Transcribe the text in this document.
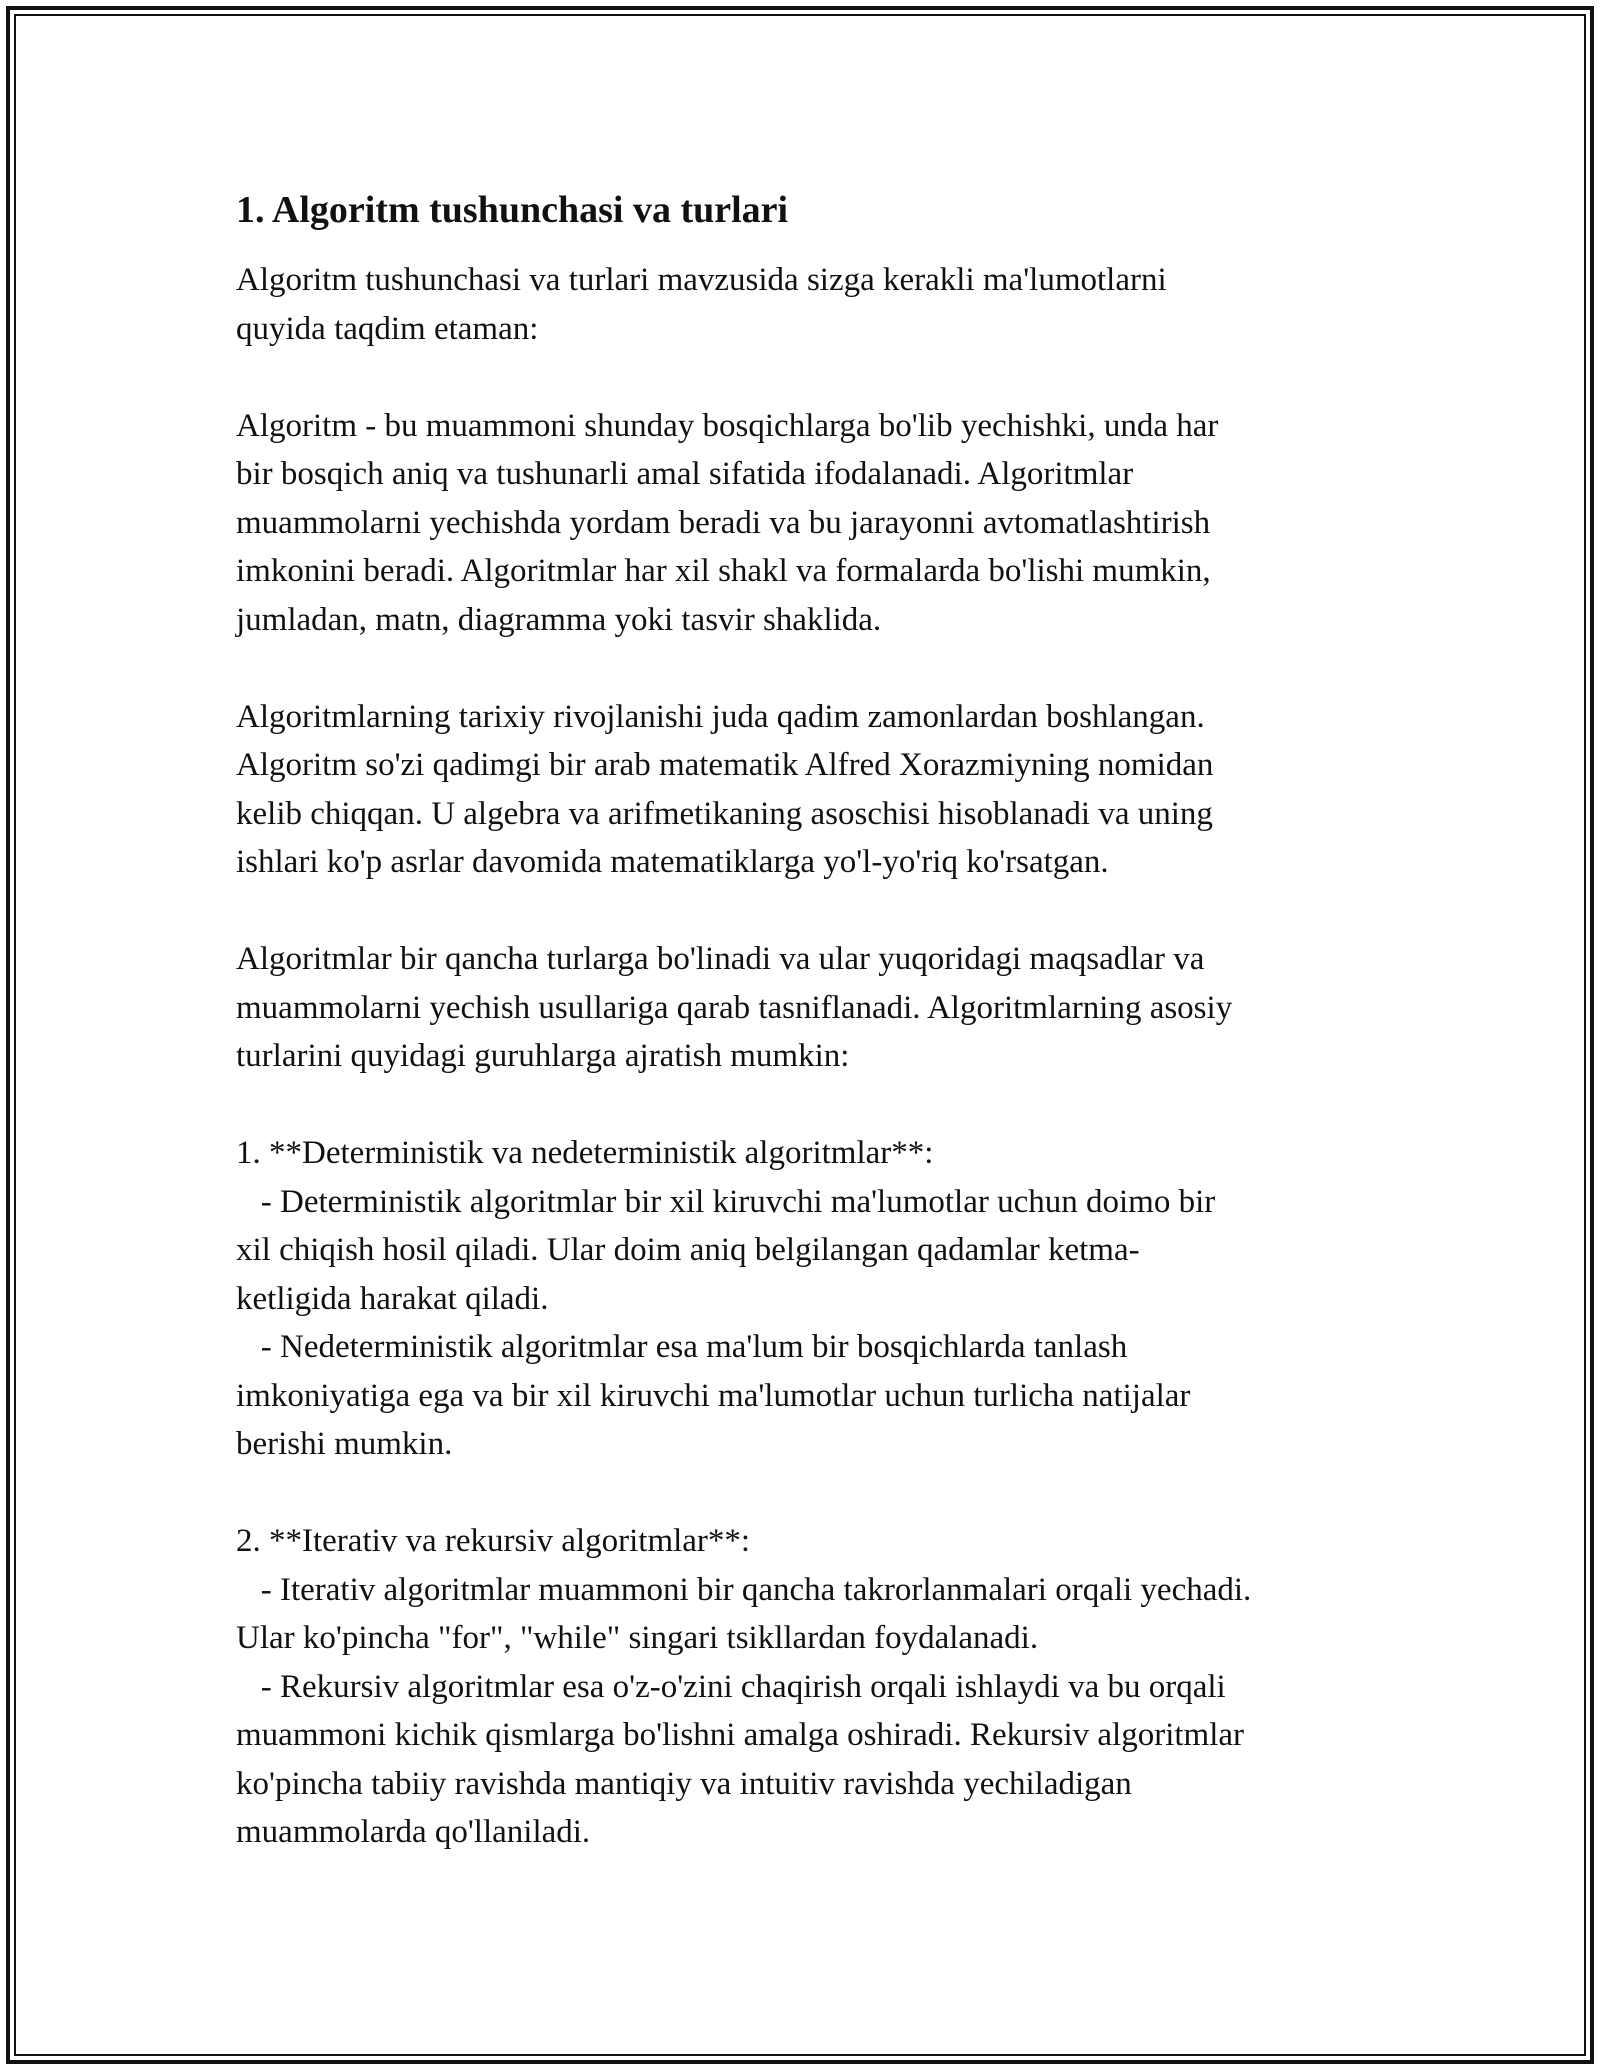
1. Algoritm tushunchasi va turlari
Algoritm tushunchasi va turlari mavzusida sizga kerakli ma'lumotlarni
quyida taqdim etaman:

Algoritm - bu muammoni shunday bosqichlarga bo'lib yechishki, unda har
bir bosqich aniq va tushunarli amal sifatida ifodalanadi. Algoritmlar
muammolarni yechishda yordam beradi va bu jarayonni avtomatlashtirish
imkonini beradi. Algoritmlar har xil shakl va formalarda bo'lishi mumkin,
jumladan, matn, diagramma yoki tasvir shaklida.

Algoritmlarning tarixiy rivojlanishi juda qadim zamonlardan boshlangan.
Algoritm so'zi qadimgi bir arab matematik Alfred Xorazmiyning nomidan
kelib chiqqan. U algebra va arifmetikaning asoschisi hisoblanadi va uning
ishlari ko'p asrlar davomida matematiklarga yo'l-yo'riq ko'rsatgan.

Algoritmlar bir qancha turlarga bo'linadi va ular yuqoridagi maqsadlar va
muammolarni yechish usullariga qarab tasniflanadi. Algoritmlarning asosiy
turlarini quyidagi guruhlarga ajratish mumkin:

1. **Deterministik va nedeterministik algoritmlar**:
- Deterministik algoritmlar bir xil kiruvchi ma'lumotlar uchun doimo bir
xil chiqish hosil qiladi. Ular doim aniq belgilangan qadamlar ketma-
ketligida harakat qiladi.
- Nedeterministik algoritmlar esa ma'lum bir bosqichlarda tanlash
imkoniyatiga ega va bir xil kiruvchi ma'lumotlar uchun turlicha natijalar
berishi mumkin.

2. **Iterativ va rekursiv algoritmlar**:
- Iterativ algoritmlar muammoni bir qancha takrorlanmalari orqali yechadi.
Ular ko'pincha "for", "while" singari tsikllardan foydalanadi.
- Rekursiv algoritmlar esa o'z-o'zini chaqirish orqali ishlaydi va bu orqali
muammoni kichik qismlarga bo'lishni amalga oshiradi. Rekursiv algoritmlar
ko'pincha tabiiy ravishda mantiqiy va intuitiv ravishda yechiladigan
muammolarda qo'llaniladi.
